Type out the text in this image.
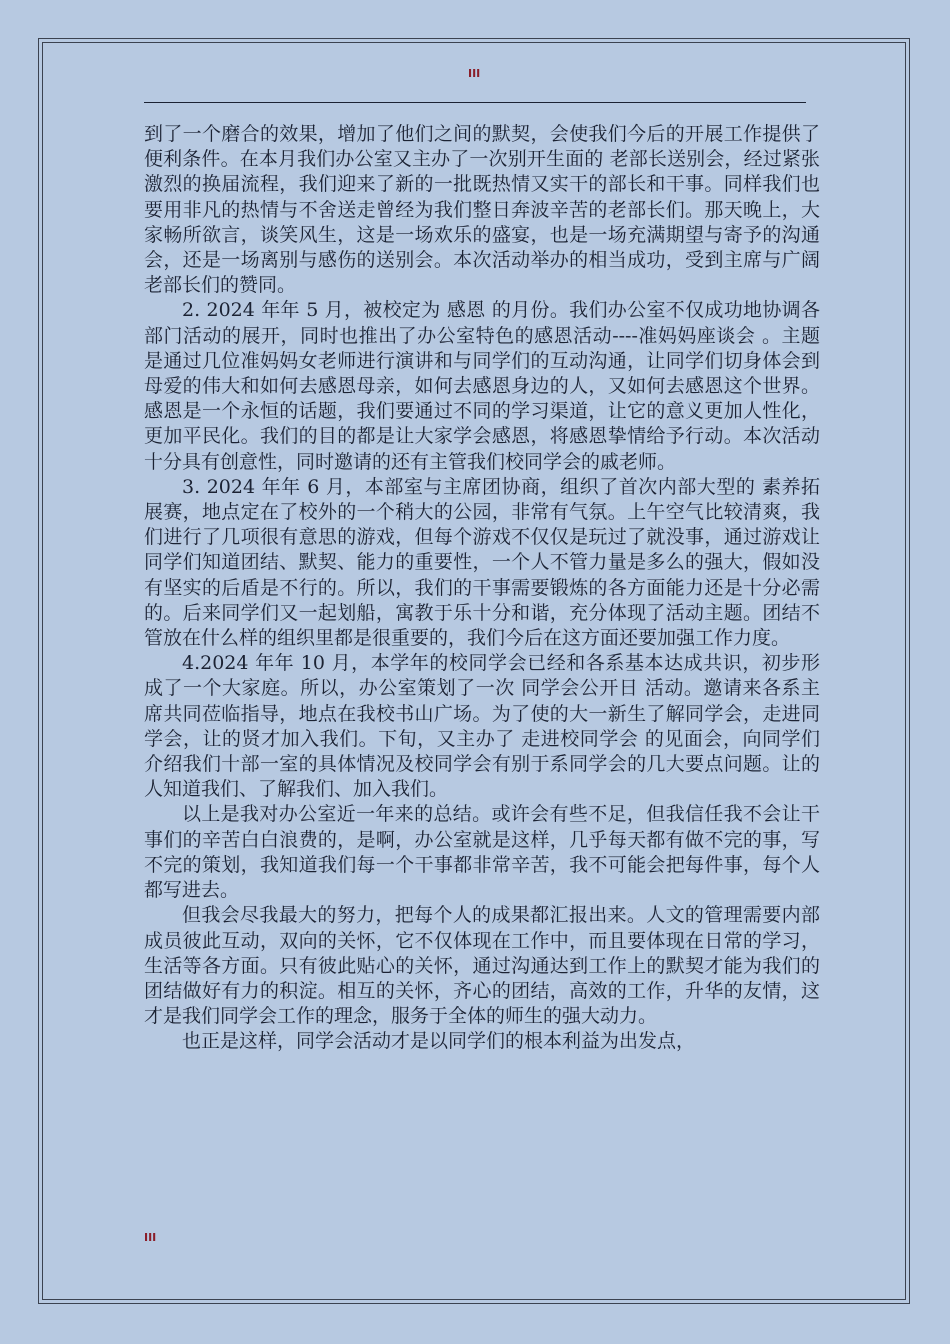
III

到了一个磨合的效果，增加了他们之间的默契，会使我们今后的开展工作提供了便利条件。在本月我们办公室又主办了一次别开生面的 老部长送别会，经过紧张激烈的换届流程，我们迎来了新的一批既热情又实干的部长和干事。同样我们也要用非凡的热情与不舍送走曾经为我们整日奔波辛苦的老部长们。那天晚上，大家畅所欲言，谈笑风生，这是一场欢乐的盛宴，也是一场充满期望与寄予的沟通会，还是一场离别与感伤的送别会。本次活动举办的相当成功，受到主席与广阔老部长们的赞同。

2. 2024 年年 5 月，被校定为 感恩 的月份。我们办公室不仅成功地协调各部门活动的展开，同时也推出了办公室特色的感恩活动----准妈妈座谈会 。主题是通过几位准妈妈女老师进行演讲和与同学们的互动沟通，让同学们切身体会到母爱的伟大和如何去感恩母亲，如何去感恩身边的人，又如何去感恩这个世界。感恩是一个永恒的话题，我们要通过不同的学习渠道，让它的意义更加人性化，更加平民化。我们的目的都是让大家学会感恩，将感恩挚情给予行动。本次活动十分具有创意性，同时邀请的还有主管我们校同学会的戚老师。

3. 2024 年年 6 月，本部室与主席团协商，组织了首次内部大型的 素养拓展赛，地点定在了校外的一个稍大的公园，非常有气氛。上午空气比较清爽，我们进行了几项很有意思的游戏，但每个游戏不仅仅是玩过了就没事，通过游戏让同学们知道团结、默契、能力的重要性，一个人不管力量是多么的强大，假如没有坚实的后盾是不行的。所以，我们的干事需要锻炼的各方面能力还是十分必需的。后来同学们又一起划船，寓教于乐十分和谐，充分体现了活动主题。团结不管放在什么样的组织里都是很重要的，我们今后在这方面还要加强工作力度。

4.2024 年年 10 月，本学年的校同学会已经和各系基本达成共识，初步形成了一个大家庭。所以，办公室策划了一次 同学会公开日 活动。邀请来各系主席共同莅临指导，地点在我校书山广场。为了使的大一新生了解同学会，走进同学会，让的贤才加入我们。下旬，又主办了 走进校同学会 的见面会，向同学们介绍我们十部一室的具体情况及校同学会有别于系同学会的几大要点问题。让的人知道我们、了解我们、加入我们。

以上是我对办公室近一年来的总结。或许会有些不足，但我信任我不会让干事们的辛苦白白浪费的，是啊，办公室就是这样，几乎每天都有做不完的事，写不完的策划，我知道我们每一个干事都非常辛苦，我不可能会把每件事，每个人都写进去。

但我会尽我最大的努力，把每个人的成果都汇报出来。人文的管理需要内部成员彼此互动，双向的关怀，它不仅体现在工作中，而且要体现在日常的学习，生活等各方面。只有彼此贴心的关怀，通过沟通达到工作上的默契才能为我们的团结做好有力的积淀。相互的关怀，齐心的团结，高效的工作，升华的友情，这才是我们同学会工作的理念，服务于全体的师生的强大动力。

也正是这样，同学会活动才是以同学们的根本利益为出发点，

III
